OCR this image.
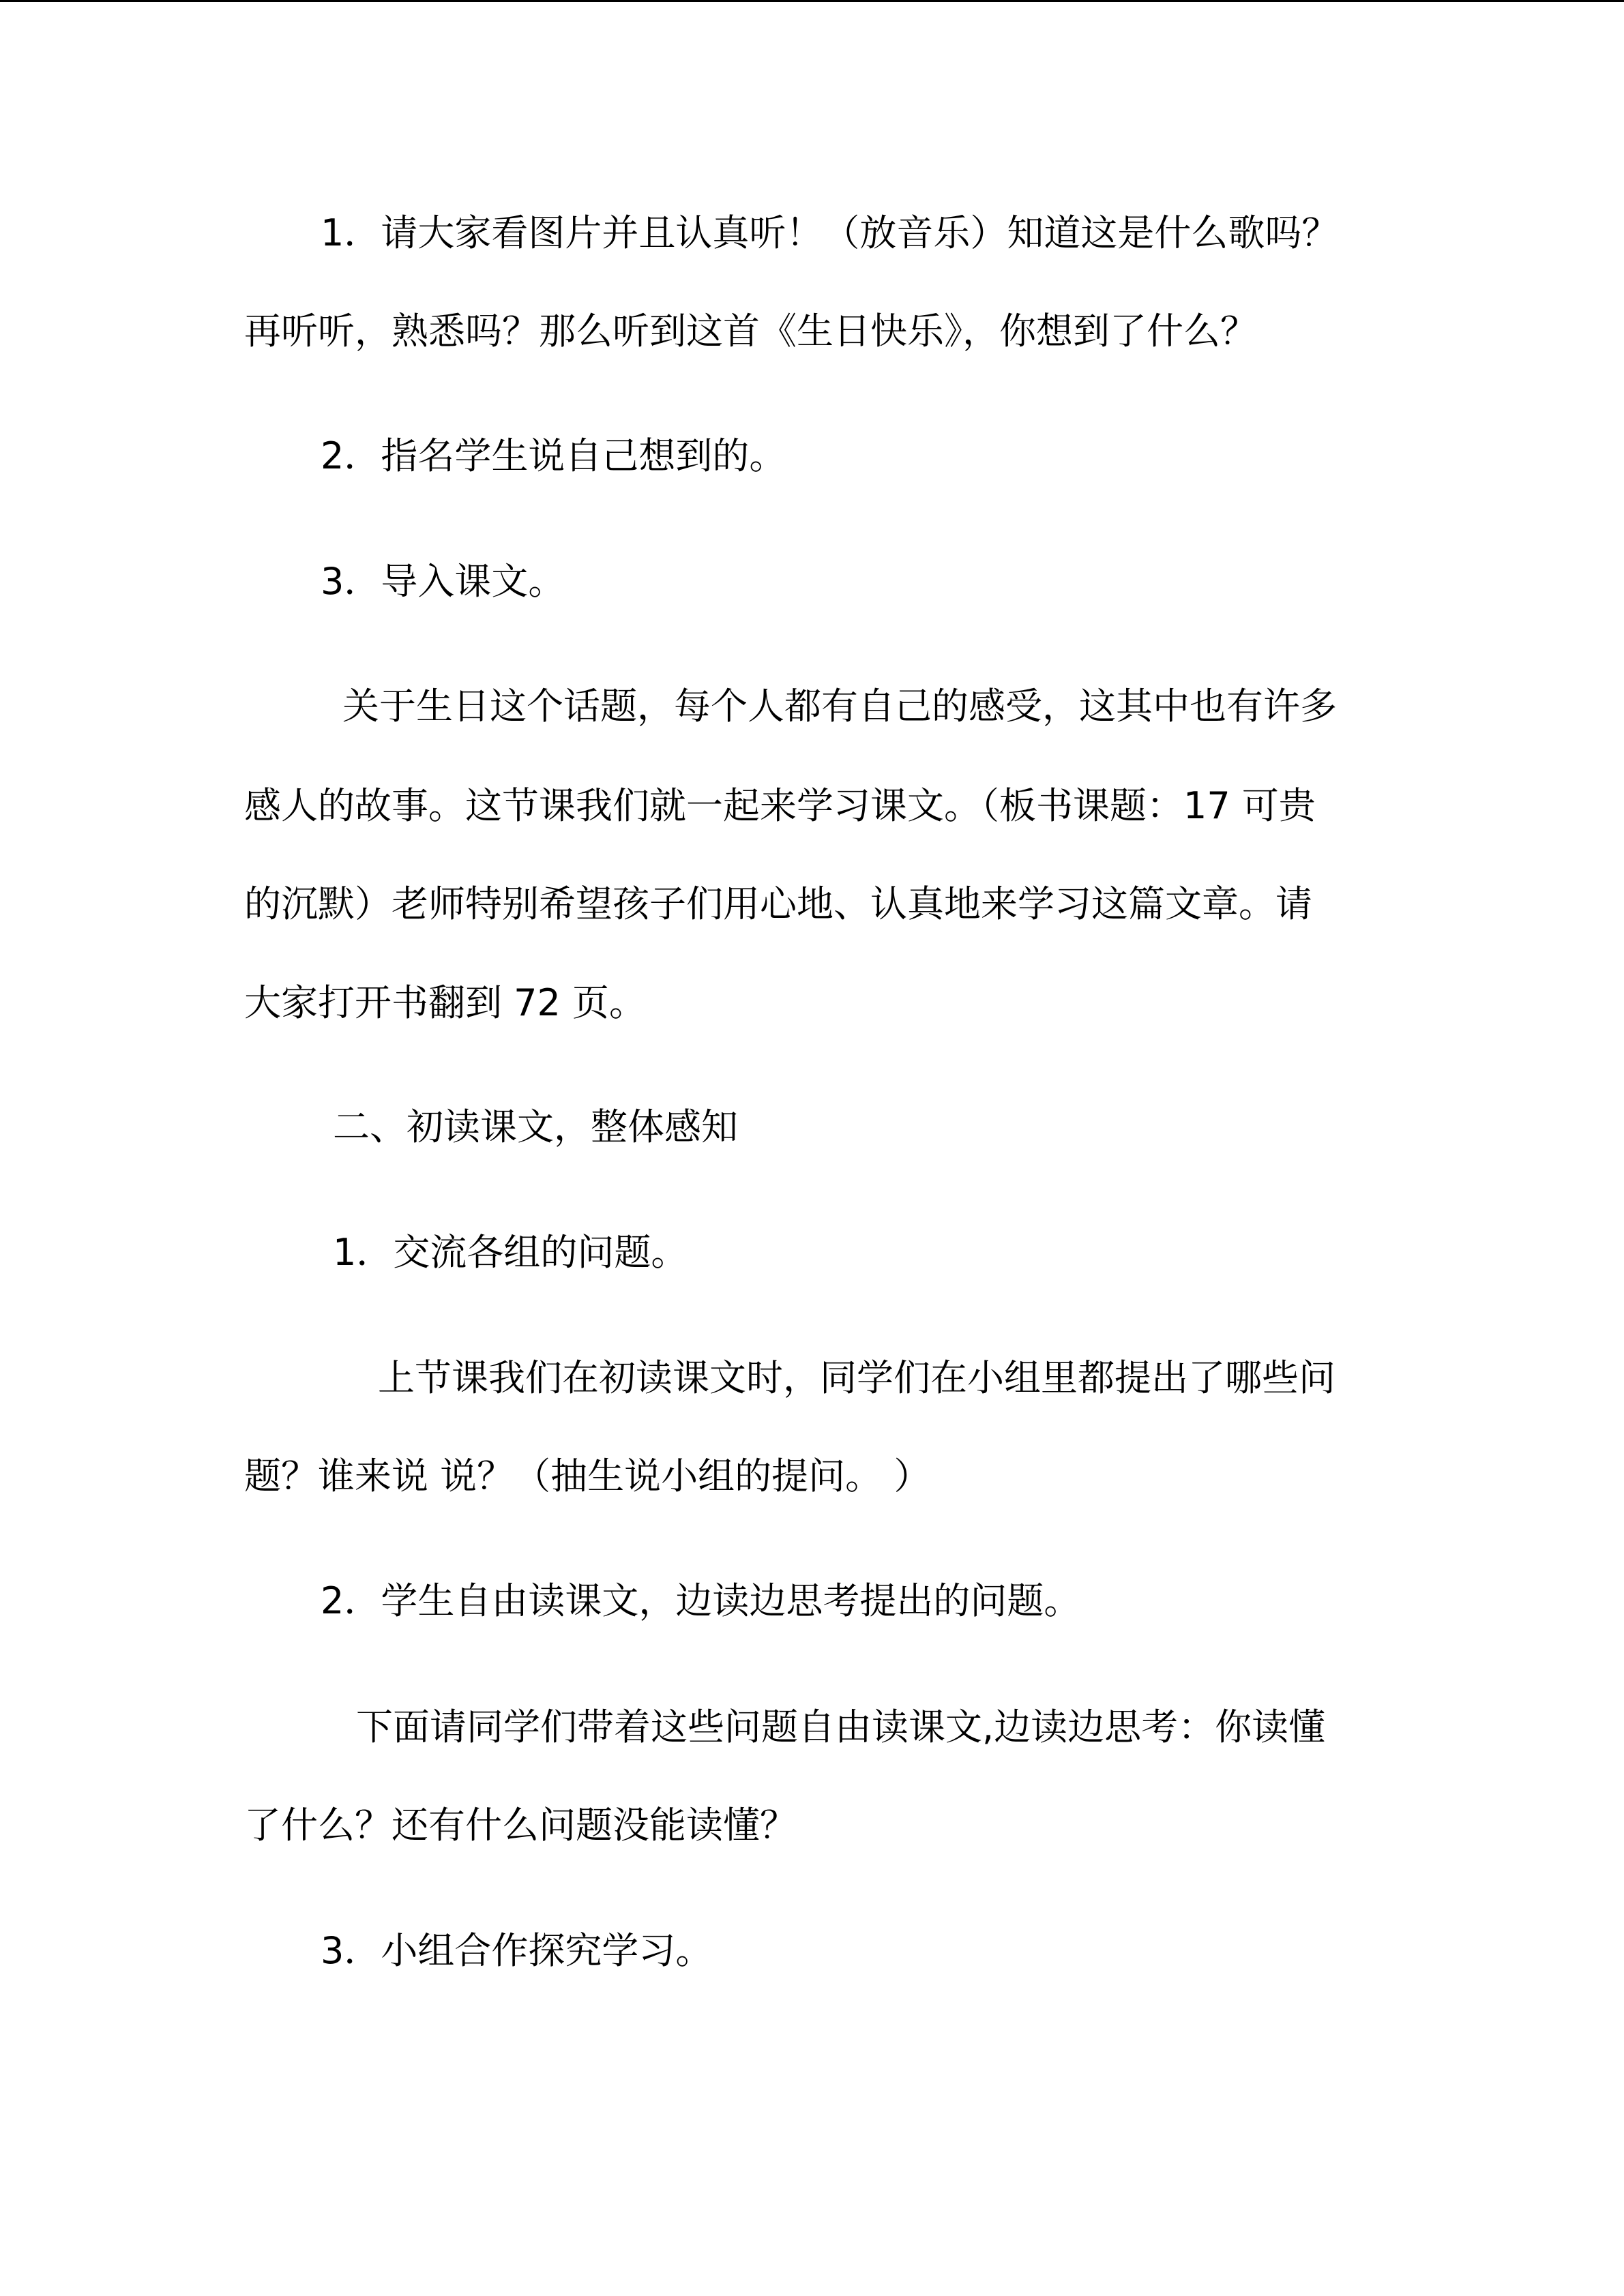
1．请大家看图片并且认真听！（放音乐）知道这是什么歌吗？
再听听，熟悉吗？那么听到这首《生日快乐》，你想到了什么？
2．指名学生说自己想到的。
3．导入课文。
关于生日这个话题，每个人都有自己的感受，这其中也有许多
感人的故事。这节课我们就一起来学习课文。（板书课题：17 可贵
的沉默）老师特别希望孩子们用心地、认真地来学习这篇文章。请
大家打开书翻到 72 页。
二、初读课文，整体感知
1．交流各组的问题。
上节课我们在初读课文时，同学们在小组里都提出了哪些问
题？谁来说 说？（抽生说小组的提问。 ）
2．学生自由读课文，边读边思考提出的问题。
下面请同学们带着这些问题自由读课文,边读边思考：你读懂
了什么？还有什么问题没能读懂？
3．小组合作探究学习。
